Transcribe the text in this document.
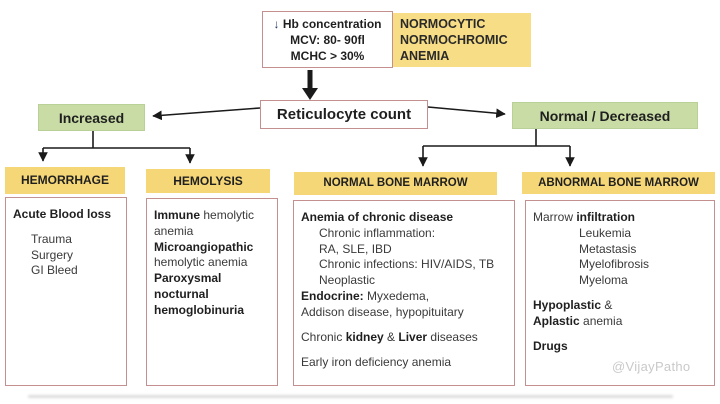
↓ Hb concentration
MCV: 80- 90fl
MCHC > 30%
NORMOCYTIC
NORMOCHROMIC
ANEMIA
Reticulocyte count
Increased	Normal / Decreased
HEMORRHAGE	HEMOLYSIS	NORMAL BONE MARROW	ABNORMAL BONE MARROW
Acute Blood loss
Trauma
Surgery
GI Bleed
Immune hemolytic
anemia
Microangiopathic
hemolytic anemia
Paroxysmal
nocturnal
hemoglobinuria
Anemia of chronic disease
Chronic inflammation:
RA, SLE, IBD
Chronic infections: HIV/AIDS, TB
Neoplastic
Endocrine: Myxedema,
Addison disease, hypopituitary
Chronic kidney & Liver diseases
Early iron deficiency anemia
Marrow infiltration
Leukemia
Metastasis
Myelofibrosis
Myeloma
Hypoplastic &
Aplastic anemia
Drugs
@VijayPatho
